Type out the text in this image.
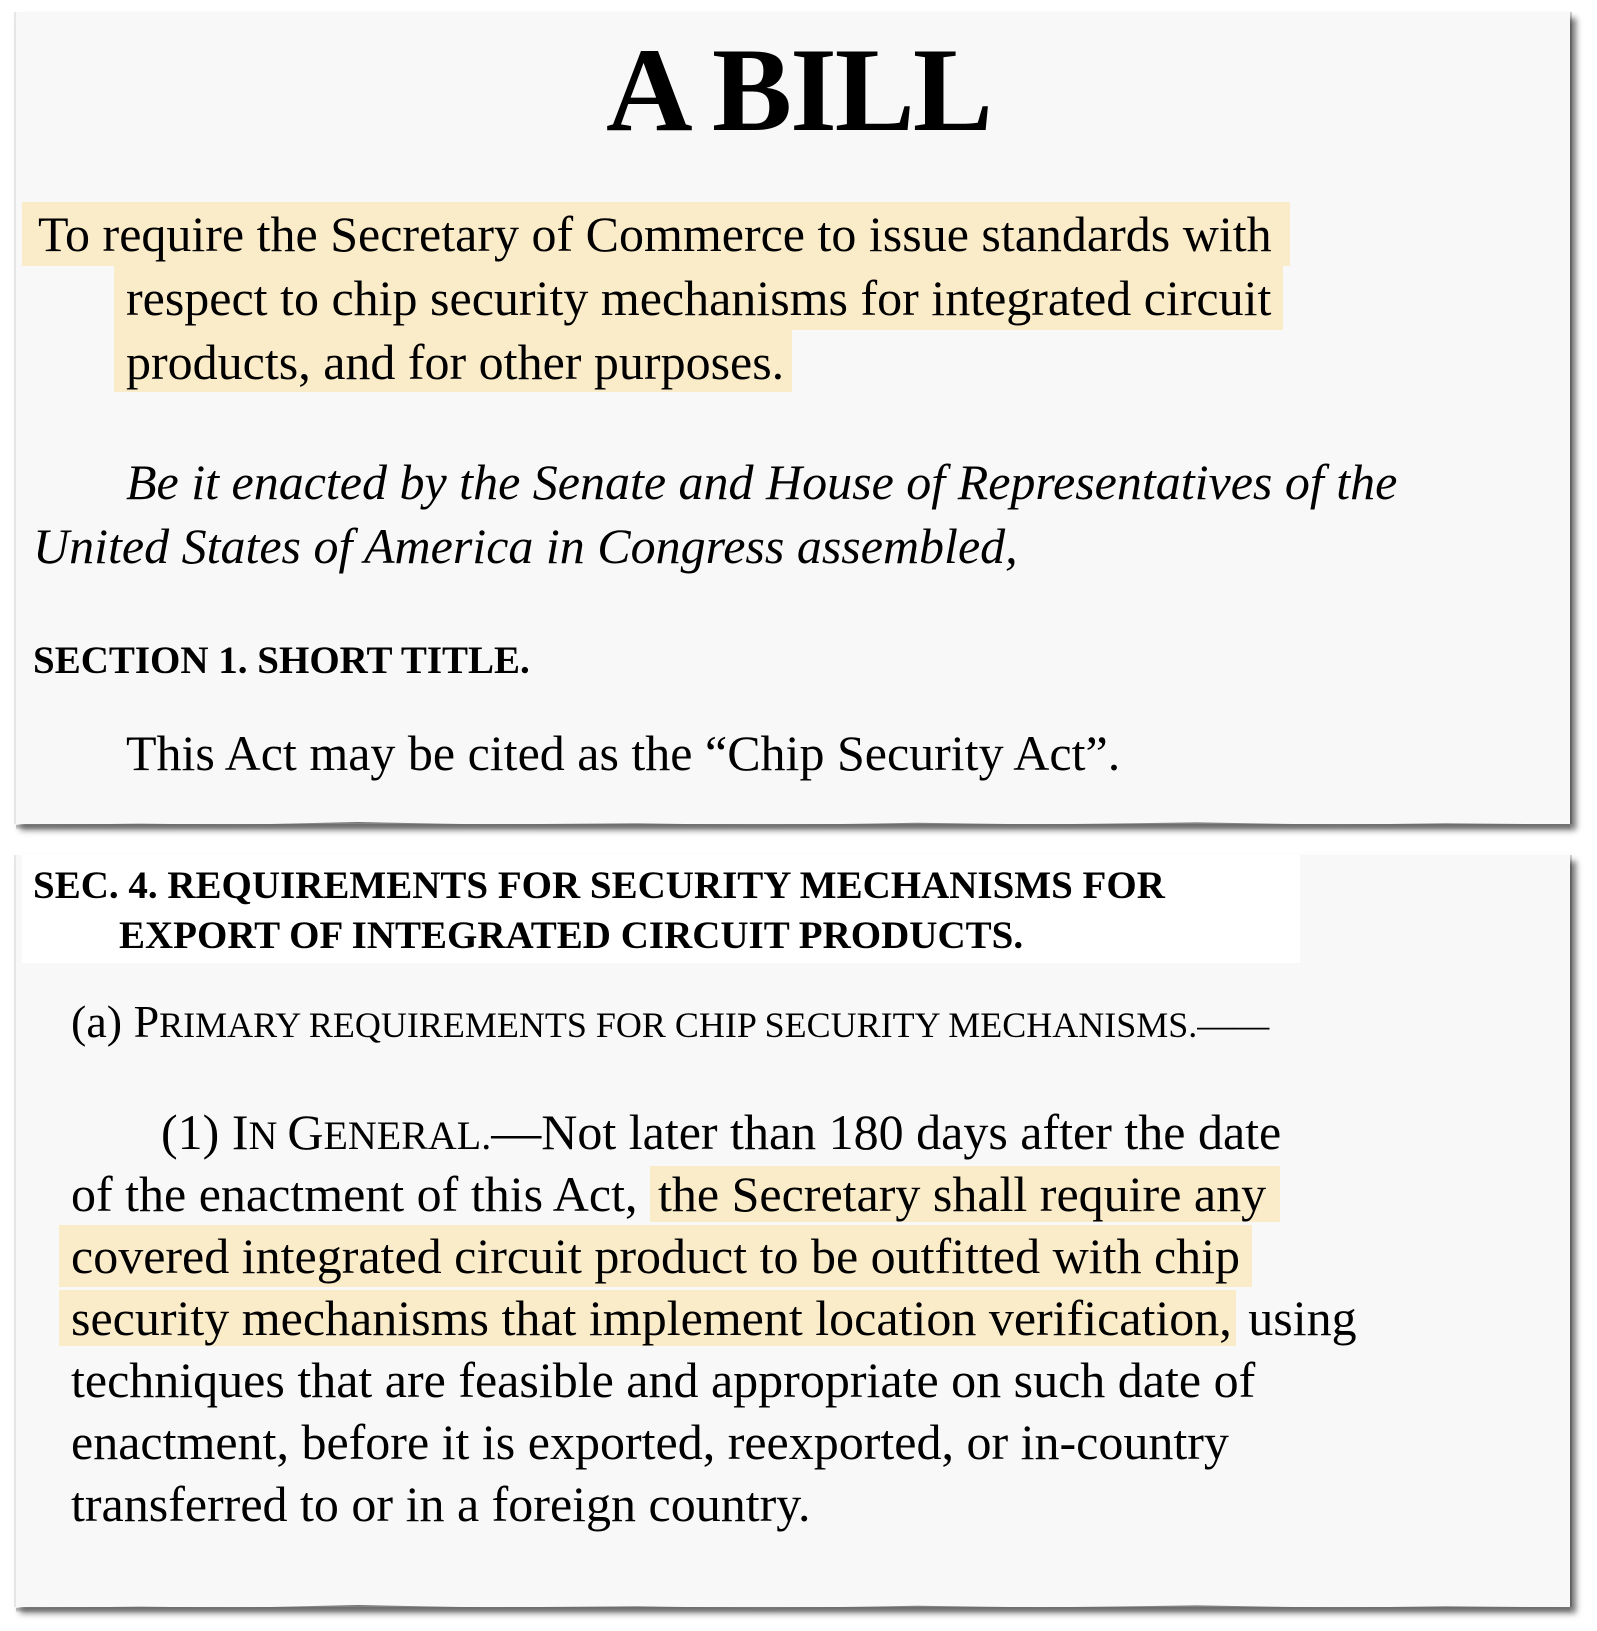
A BILL
To require the Secretary of Commerce to issue standards with
respect to chip security mechanisms for integrated circuit
products, and for other purposes.
Be it enacted by the Senate and House of Representatives of the
United States of America in Congress assembled,
SECTION 1. SHORT TITLE.
This Act may be cited as the “Chip Security Act”.
SEC. 4. REQUIREMENTS FOR SECURITY MECHANISMS FOR
EXPORT OF INTEGRATED CIRCUIT PRODUCTS.
(a) PRIMARY REQUIREMENTS FOR CHIP SECURITY MECHANISMS.——
(1) IN GENERAL.—Not later than 180 days after the date
of the enactment of this Act, the Secretary shall require any
covered integrated circuit product to be outfitted with chip
security mechanisms that implement location verification, using
techniques that are feasible and appropriate on such date of
enactment, before it is exported, reexported, or in-country
transferred to or in a foreign country.
